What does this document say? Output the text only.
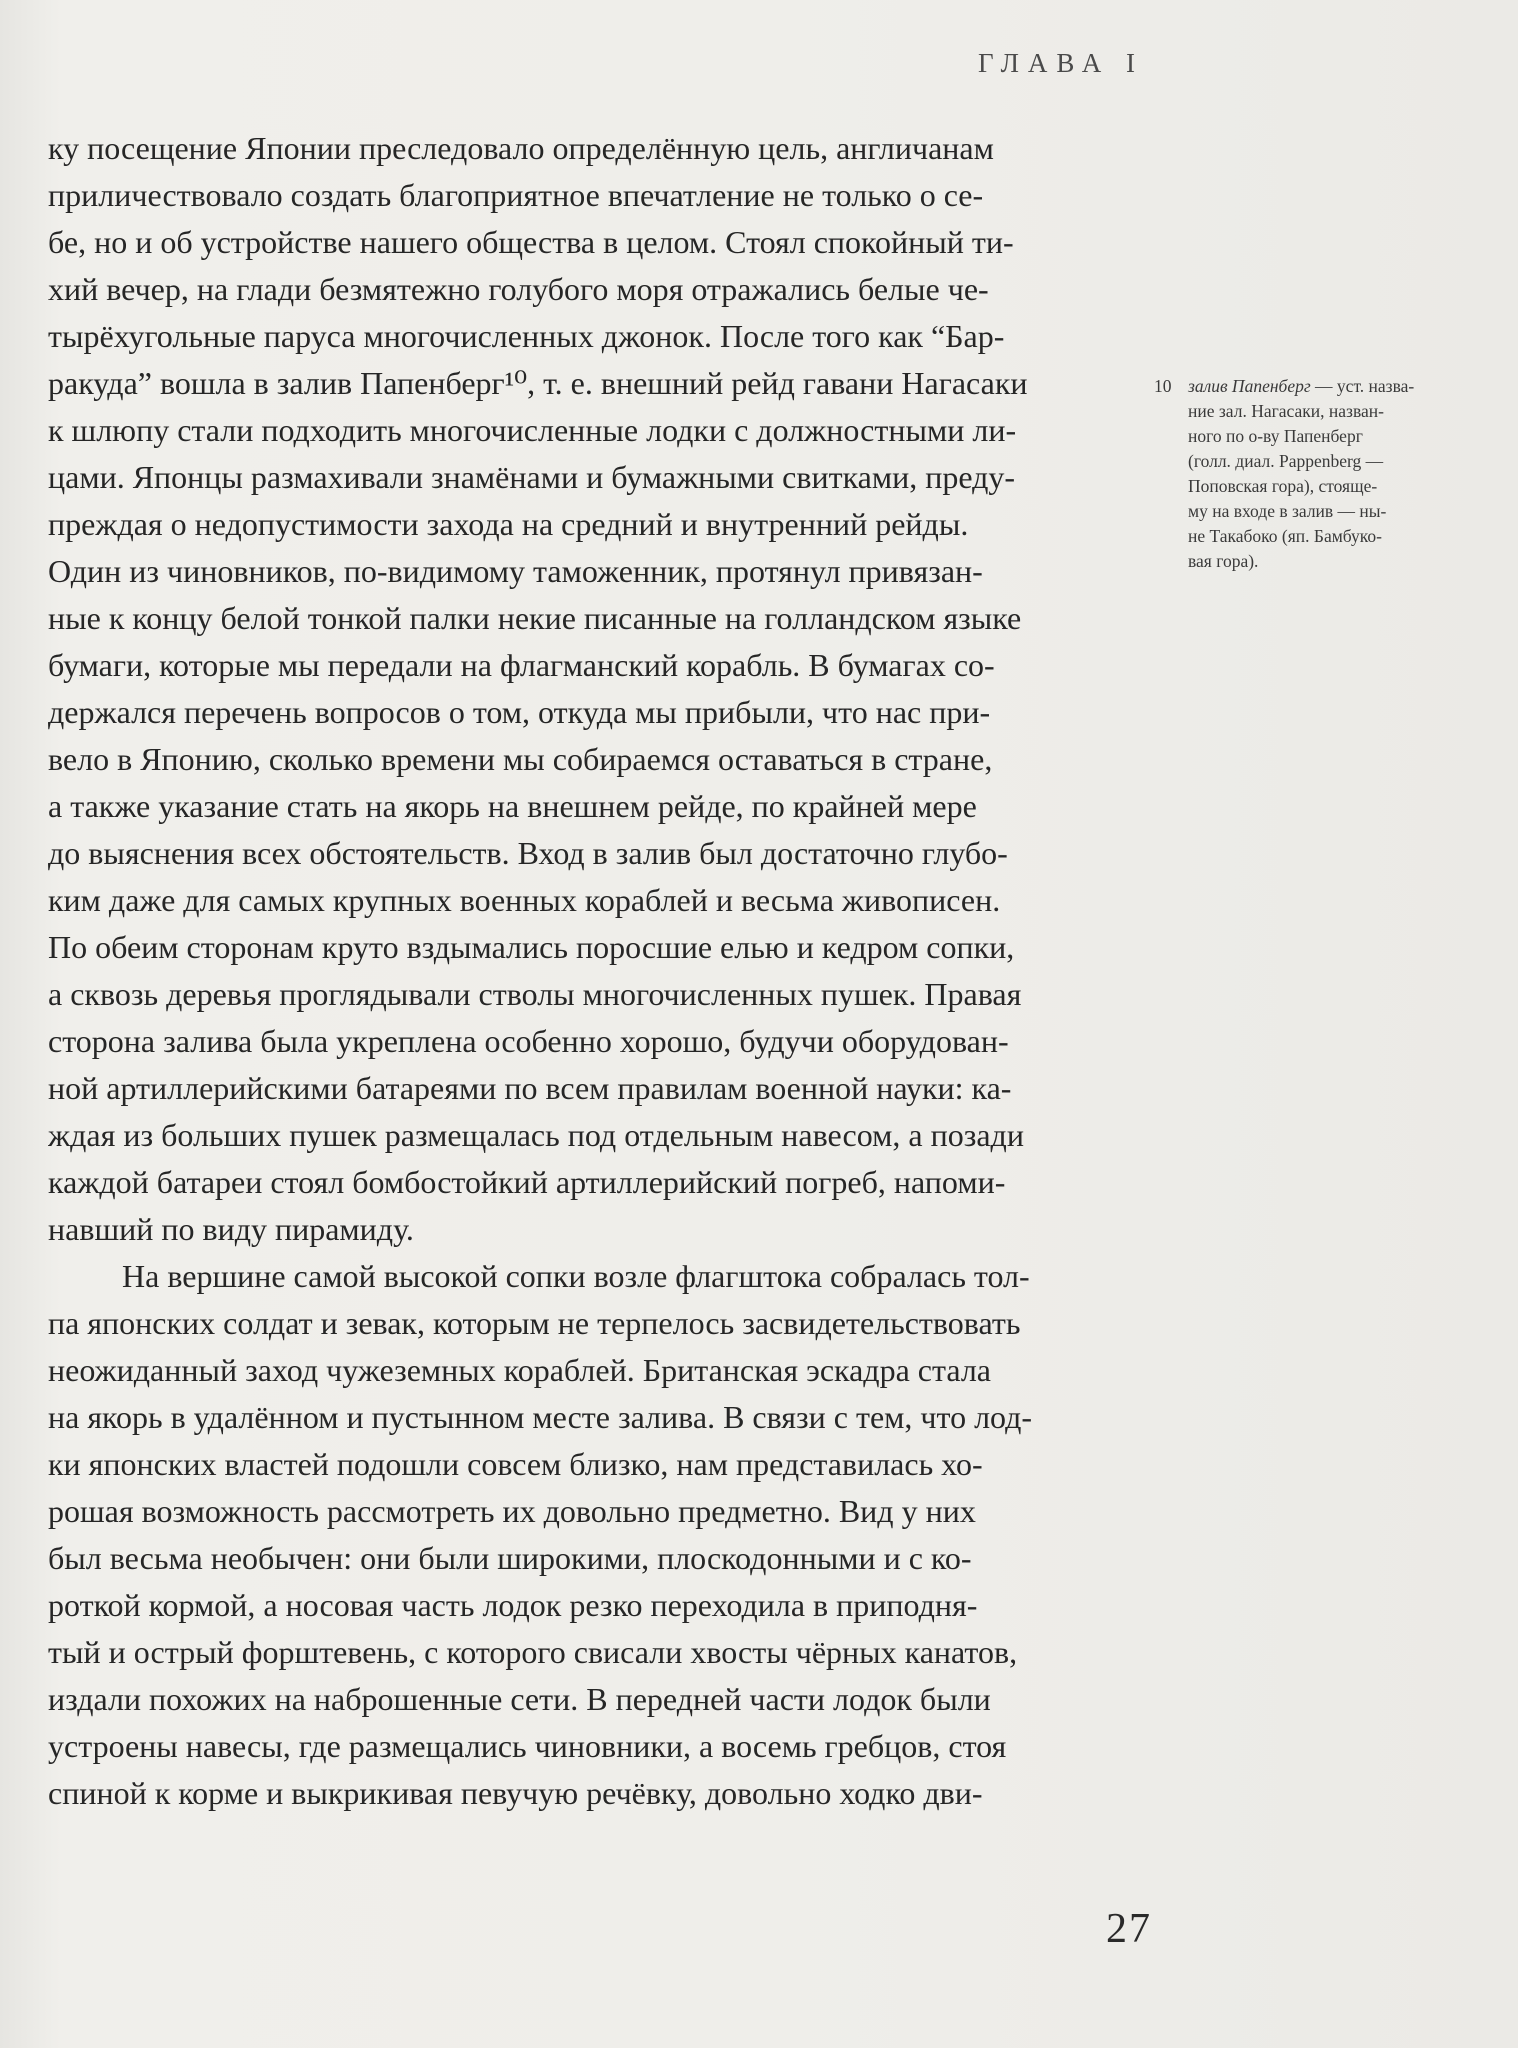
ГЛАВА I
ку посещение Японии преследовало определённую цель, англичанам
приличествовало создать благоприятное впечатление не только о се-
бе, но и об устройстве нашего общества в целом. Стоял спокойный ти-
хий вечер, на глади безмятежно голубого моря отражались белые че-
тырёхугольные паруса многочисленных джонок. После того как “Бар-
ракуда” вошла в залив Папенберг¹⁰, т. е. внешний рейд гавани Нагасаки
к шлюпу стали подходить многочисленные лодки с должностными ли-
цами. Японцы размахивали знамёнами и бумажными свитками, преду-
преждая о недопустимости захода на средний и внутренний рейды.
Один из чиновников, по-видимому таможенник, протянул привязан-
ные к концу белой тонкой палки некие писанные на голландском языке
бумаги, которые мы передали на флагманский корабль. В бумагах со-
держался перечень вопросов о том, откуда мы прибыли, что нас при-
вело в Японию, сколько времени мы собираемся оставаться в стране,
а также указание стать на якорь на внешнем рейде, по крайней мере
до выяснения всех обстоятельств. Вход в залив был достаточно глубо-
ким даже для самых крупных военных кораблей и весьма живописен.
По обеим сторонам круто вздымались поросшие елью и кедром сопки,
а сквозь деревья проглядывали стволы многочисленных пушек. Правая
сторона залива была укреплена особенно хорошо, будучи оборудован-
ной артиллерийскими батареями по всем правилам военной науки: ка-
ждая из больших пушек размещалась под отдельным навесом, а позади
каждой батареи стоял бомбостойкий артиллерийский погреб, напоми-
навший по виду пирамиду.
На вершине самой высокой сопки возле флагштока собралась тол-
па японских солдат и зевак, которым не терпелось засвидетельствовать
неожиданный заход чужеземных кораблей. Британская эскадра стала
на якорь в удалённом и пустынном месте залива. В связи с тем, что лод-
ки японских властей подошли совсем близко, нам представилась хо-
рошая возможность рассмотреть их довольно предметно. Вид у них
был весьма необычен: они были широкими, плоскодонными и с ко-
роткой кормой, а носовая часть лодок резко переходила в приподня-
тый и острый форштевень, с которого свисали хвосты чёрных канатов,
издали похожих на наброшенные сети. В передней части лодок были
устроены навесы, где размещались чиновники, а восемь гребцов, стоя
спиной к корме и выкрикивая певучую речёвку, довольно ходко дви-
10 залив Папенберг — уст. назва-
ние зал. Нагасаки, назван-
ного по о-ву Папенберг
(голл. диал. Pappenberg —
Поповская гора), стояще-
му на входе в залив — ны-
не Такабоко (яп. Бамбуко-
вая гора).
27
